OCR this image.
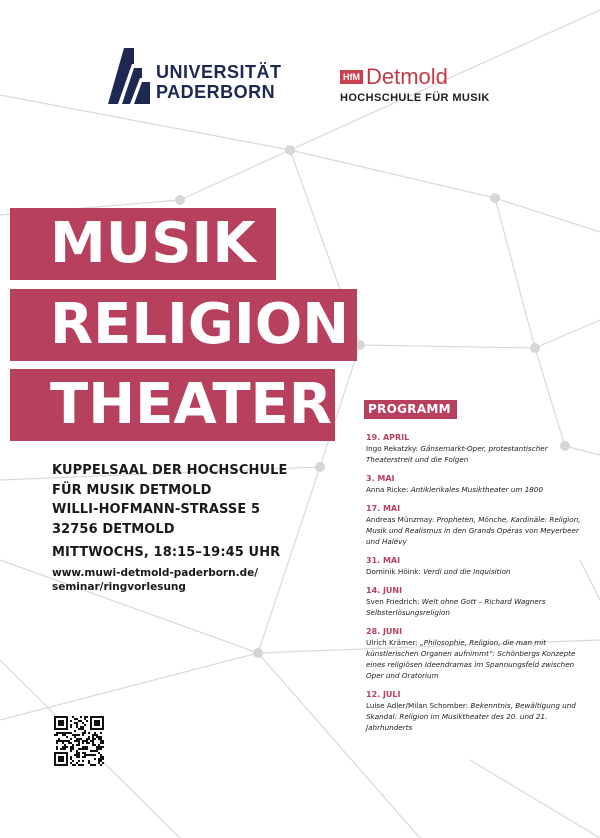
UNIVERSITÄT
PADERBORN
HfM Detmold
HOCHSCHULE FÜR MUSIK
MUSIK
RELIGION
THEATER
KUPPELSAAL DER HOCHSCHULE
FÜR MUSIK DETMOLD
WILLI-HOFMANN-STRASSE 5
32756 DETMOLD
MITTWOCHS, 18:15–19:45 UHR
www.muwi-detmold-paderborn.de/
seminar/ringvorlesung
PROGRAMM
19. APRIL
Ingo Rekatzky: Gänsemarkt-Oper, protestantischer Theaterstreit und die Folgen
3. MAI
Anna Ricke: Antiklerikales Musiktheater um 1800
17. MAI
Andreas Münzmay: Propheten, Mönche, Kardinäle: Religion, Musik und Realismus in den Grands Opéras von Meyerbeer und Halévy
31. MAI
Dominik Höink: Verdi und die Inquisition
14. JUNI
Sven Friedrich: Welt ohne Gott – Richard Wagners Selbsterlösungsreligion
28. JUNI
Ulrich Krämer: „Philosophie, Religion, die man mit künstlerischen Organen aufnimmt“: Schönbergs Konzepte eines religiösen Ideendramas im Spannungsfeld zwischen Oper und Oratorium
12. JULI
Luise Adler/Milan Schomber: Bekenntnis, Bewältigung und Skandal: Religion im Musiktheater des 20. und 21. Jahrhunderts
